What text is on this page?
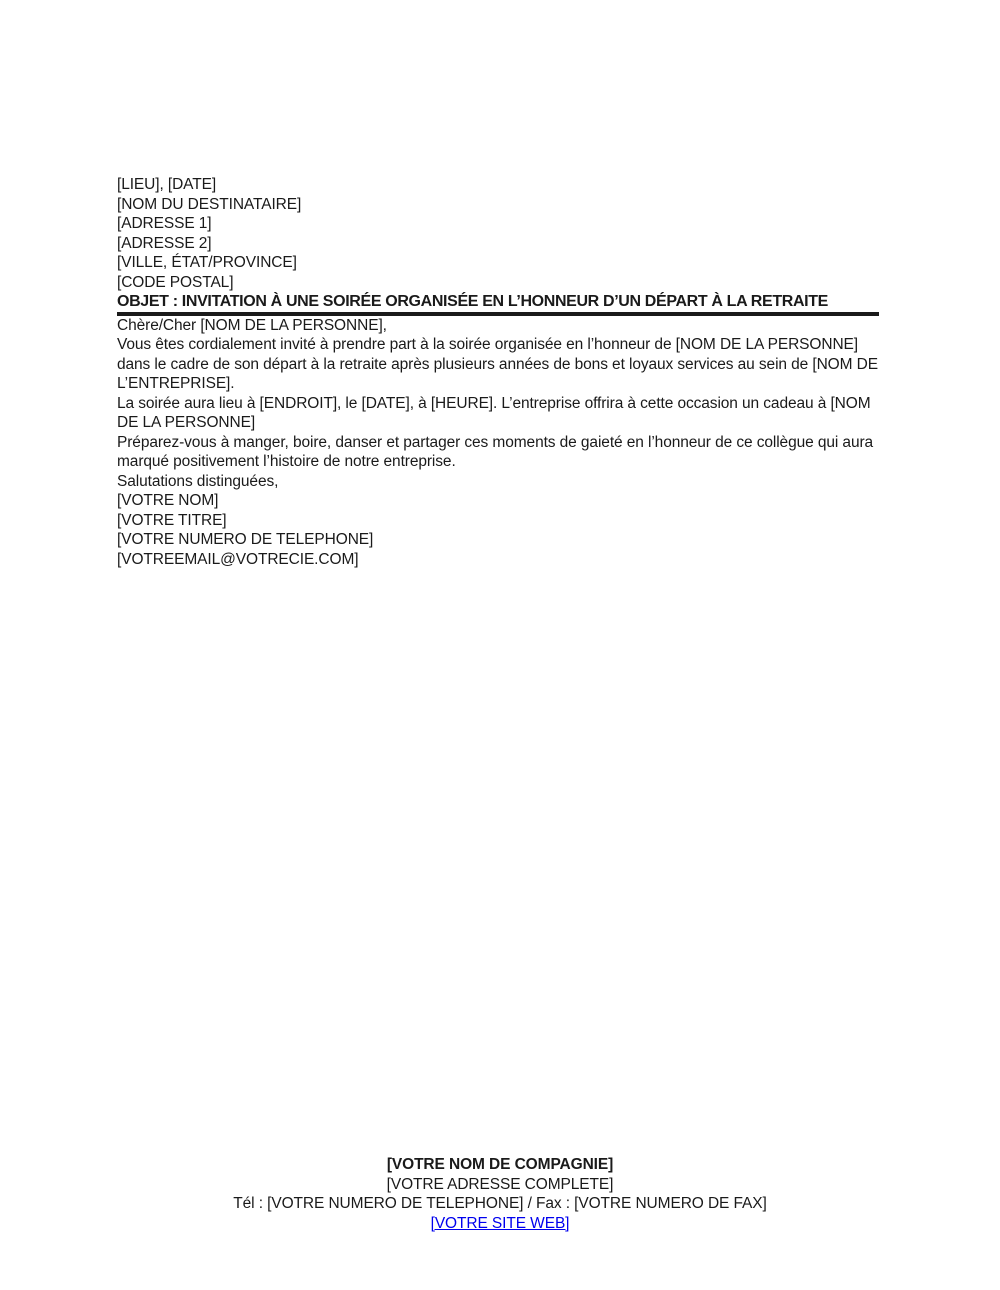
[LIEU], [DATE]

[NOM DU DESTINATAIRE]
[ADRESSE 1]
[ADRESSE 2]
[VILLE, ÉTAT/PROVINCE]
[CODE POSTAL]
OBJET : INVITATION À UNE SOIRÉE ORGANISÉE EN L’HONNEUR D’UN DÉPART À LA RETRAITE

Chère/Cher [NOM DE LA PERSONNE],

Vous êtes cordialement invité à prendre part à la soirée organisée en l’honneur de [NOM DE LA PERSONNE] dans le cadre de son départ à la retraite après plusieurs années de bons et loyaux services au sein de [NOM DE L’ENTREPRISE].

La soirée aura lieu à [ENDROIT], le [DATE], à [HEURE]. L’entreprise offrira à cette occasion un cadeau à [NOM DE LA PERSONNE]

Préparez-vous à manger, boire, danser et partager ces moments de gaieté en l’honneur de ce collègue qui aura marqué positivement l’histoire de notre entreprise.

Salutations distinguées,

[VOTRE NOM]
[VOTRE TITRE]
[VOTRE NUMERO DE TELEPHONE]
[VOTREEMAIL@VOTRECIE.COM]
[VOTRE NOM DE COMPAGNIE]
[VOTRE ADRESSE COMPLETE]
Tél : [VOTRE NUMERO DE TELEPHONE] / Fax : [VOTRE NUMERO DE FAX]
[VOTRE SITE WEB]
